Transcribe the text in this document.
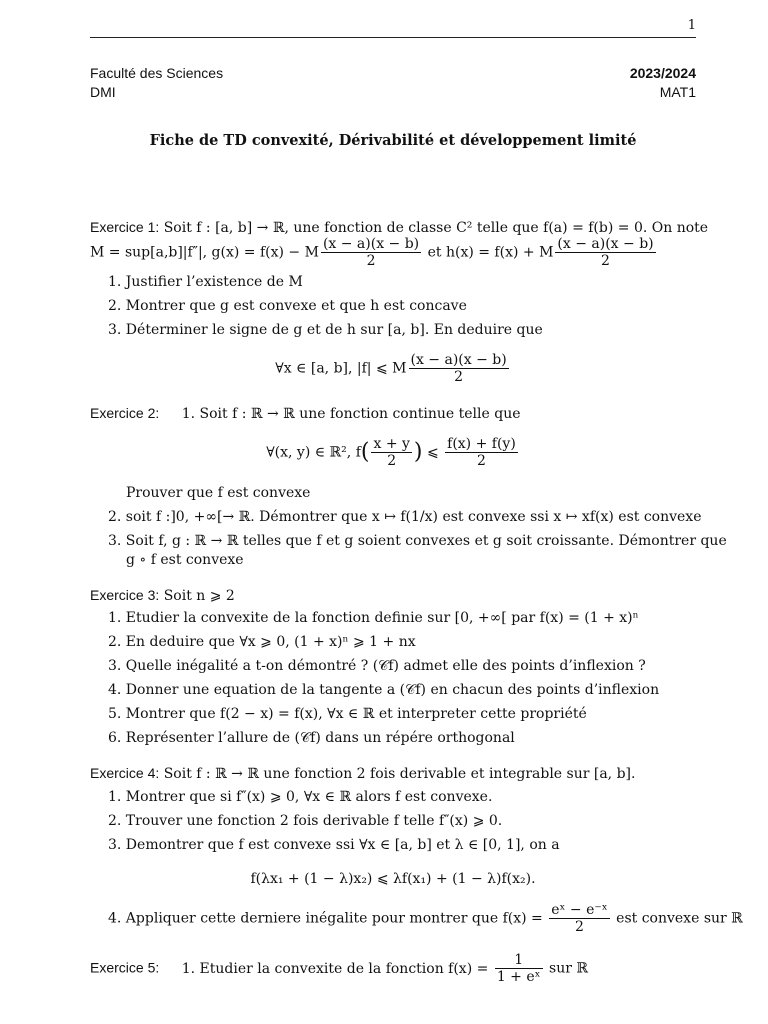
1
Faculté des Sciences
DMI
2023/2024
MAT1
Fiche de TD convexité, Dérivabilité et développement limité
Exercice 1: Soit f : [a, b] → ℝ, une fonction de classe C² telle que f(a) = f(b) = 0. On note
M = sup[a,b]|f″|, g(x) = f(x) − M $\frac{(x - a)(x - b)}{2}$ et h(x) = f(x) + M $\frac{(x - a)(x - b)}{2}$
1. Justifier l’existence de M
2. Montrer que g est convexe et que h est concave
3. Déterminer le signe de g et de h sur [a, b]. En deduire que
∀x ∈ [a, b], |f| ⩽ M $\frac{(x - a)(x - b)}{2}$
Exercice 2: 1. Soit f : ℝ → ℝ une fonction continue telle que
∀(x, y) ∈ ℝ², $f( \frac{x + y}{2}$ ) ⩽ $\frac{f(x) + f(y)}{2}$
Prouver que f est convexe
2. soit f :]0, +∞[→ ℝ. Démontrer que x ↦ f(1/x) est convexe ssi x ↦ xf(x) est convexe
3. Soit f, g : ℝ → ℝ telles que f et g soient convexes et g soit croissante. Démontrer que
g ∘ f est convexe
Exercice 3: Soit n ⩾ 2
1. Etudier la convexite de la fonction definie sur [0, +∞[ par f(x) = (1 + x)ⁿ
2. En deduire que ∀x ⩾ 0, (1 + x)ⁿ ⩾ 1 + nx
3. Quelle inégalité a t-on démontré ? (𝒞f) admet elle des points d’inflexion ?
4. Donner une equation de la tangente a (𝒞f) en chacun des points d’inflexion
5. Montrer que f(2 − x) = f(x), ∀x ∈ ℝ et interpreter cette propriété
6. Représenter l’allure de (𝒞f) dans un répére orthogonal
Exercice 4: Soit f : ℝ → ℝ une fonction 2 fois derivable et integrable sur [a, b].
1. Montrer que si f″(x) ⩾ 0, ∀x ∈ ℝ alors f est convexe.
2. Trouver une fonction 2 fois derivable f telle f″(x) ⩾ 0.
3. Demontrer que f est convexe ssi ∀x ∈ [a, b] et λ ∈ [0, 1], on a
f(λx₁ + (1 − λ)x₂) ⩽ λf(x₁) + (1 − λ)f(x₂).
4. Appliquer cette derniere inégalite pour montrer que $f(x) = \frac{\text{eˣ − e⁻ˣ}}{2}$ est convexe sur ℝ
Exercice 5: 1. Etudier la convexite de la fonction $f(x) = \frac{1}{\text{1 + eˣ}}$ sur ℝ
